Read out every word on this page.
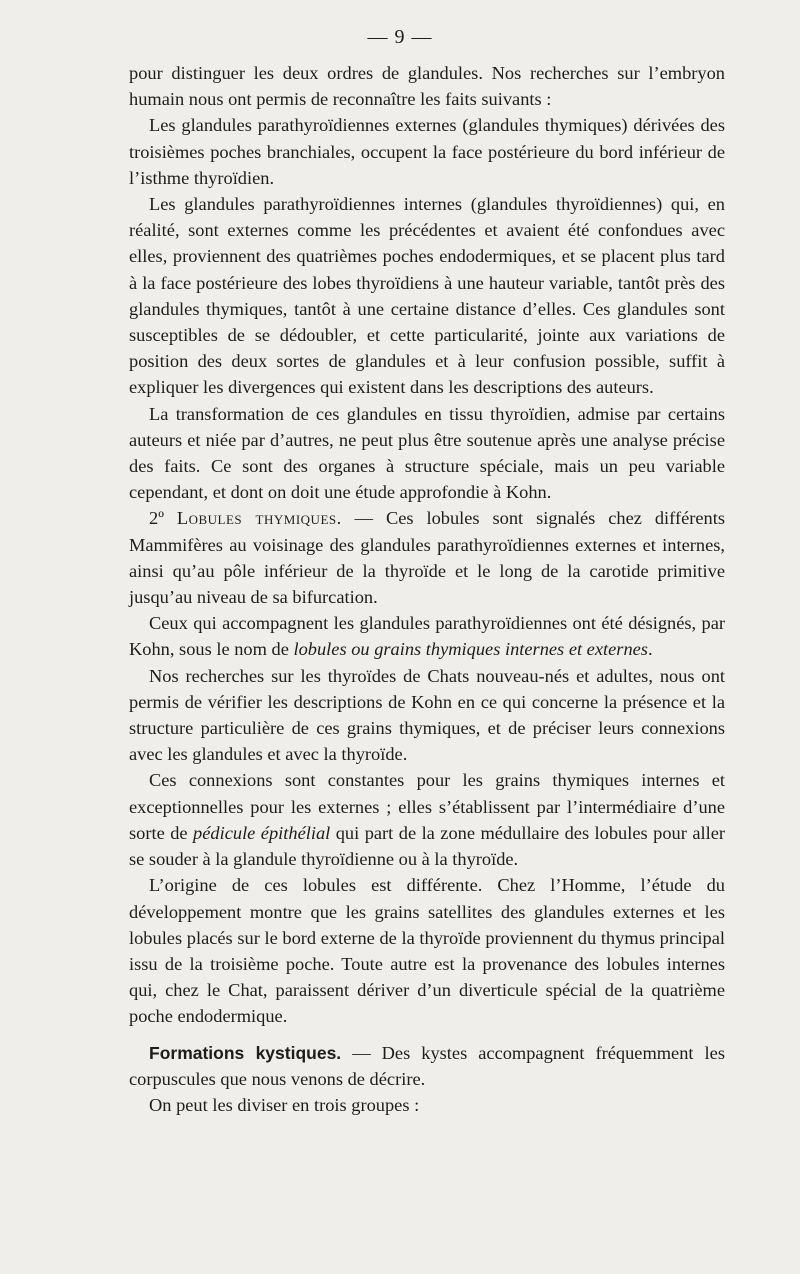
— 9 —

pour distinguer les deux ordres de glandules. Nos recherches sur l’embryon humain nous ont permis de reconnaître les faits suivants :

Les glandules parathyroïdiennes externes (glandules thymiques) dérivées des troisièmes poches branchiales, occupent la face postérieure du bord inférieur de l’isthme thyroïdien.

Les glandules parathyroïdiennes internes (glandules thyroïdiennes) qui, en réalité, sont externes comme les précédentes et avaient été confondues avec elles, proviennent des quatrièmes poches endodermiques, et se placent plus tard à la face postérieure des lobes thyroïdiens à une hauteur variable, tantôt près des glandules thymiques, tantôt à une certaine distance d’elles. Ces glandules sont susceptibles de se dédoubler, et cette particularité, jointe aux variations de position des deux sortes de glandules et à leur confusion possible, suffit à expliquer les divergences qui existent dans les descriptions des auteurs.

La transformation de ces glandules en tissu thyroïdien, admise par certains auteurs et niée par d’autres, ne peut plus être soutenue après une analyse précise des faits. Ce sont des organes à structure spéciale, mais un peu variable cependant, et dont on doit une étude approfondie à Kohn.

2º Lobules thymiques. — Ces lobules sont signalés chez différents Mammifères au voisinage des glandules parathyroïdiennes externes et internes, ainsi qu’au pôle inférieur de la thyroïde et le long de la carotide primitive jusqu’au niveau de sa bifurcation.

Ceux qui accompagnent les glandules parathyroïdiennes ont été désignés, par Kohn, sous le nom de lobules ou grains thymiques internes et externes.

Nos recherches sur les thyroïdes de Chats nouveau-nés et adultes, nous ont permis de vérifier les descriptions de Kohn en ce qui concerne la présence et la structure particulière de ces grains thymiques, et de préciser leurs connexions avec les glandules et avec la thyroïde.

Ces connexions sont constantes pour les grains thymiques internes et exceptionnelles pour les externes ; elles s’établissent par l’intermédiaire d’une sorte de pédicule épithélial qui part de la zone médullaire des lobules pour aller se souder à la glandule thyroïdienne ou à la thyroïde.

L’origine de ces lobules est différente. Chez l’Homme, l’étude du développement montre que les grains satellites des glandules externes et les lobules placés sur le bord externe de la thyroïde proviennent du thymus principal issu de la troisième poche. Toute autre est la provenance des lobules internes qui, chez le Chat, paraissent dériver d’un diverticule spécial de la quatrième poche endodermique.

Formations kystiques. — Des kystes accompagnent fréquemment les corpuscules que nous venons de décrire.

On peut les diviser en trois groupes :
